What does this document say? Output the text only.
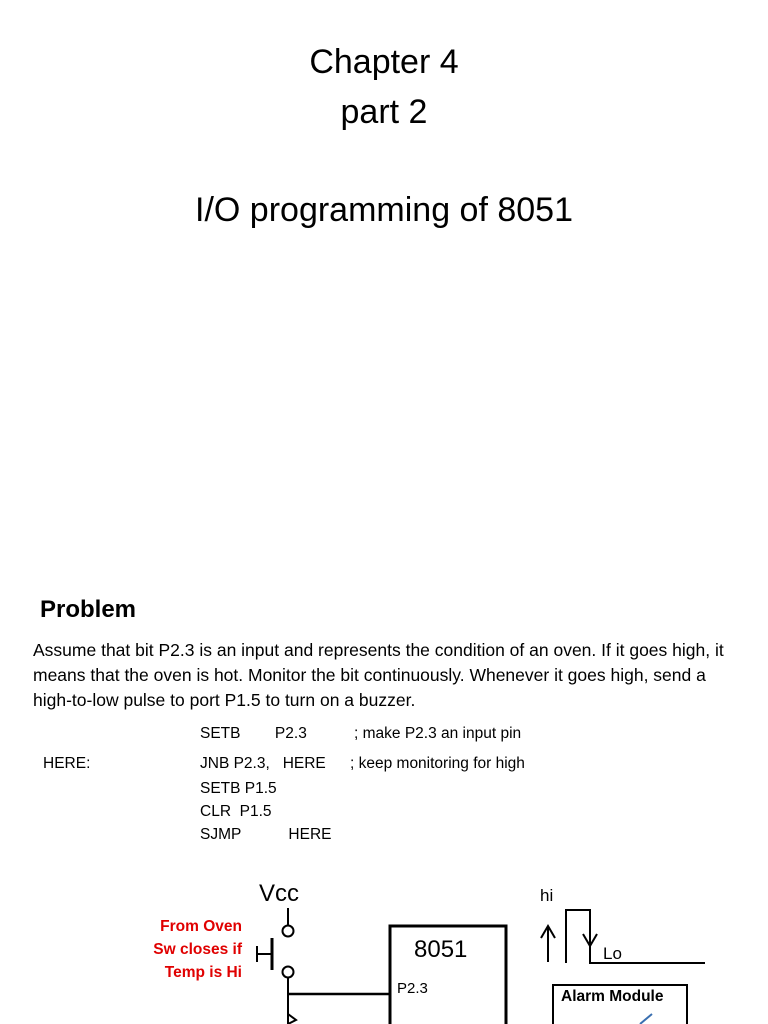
Chapter 4
part 2
I/O programming of 8051
Problem
Assume that bit P2.3 is an input and represents the condition of an oven. If it goes high, it means that the oven is hot. Monitor the bit continuously. Whenever it goes high, send a high-to-low pulse to port P1.5 to turn on a buzzer.
SETB        P2.3	; make P2.3 an input pin
HERE:	JNB P2.3,   HERE ; keep monitoring for high
SETB P1.5
CLR  P1.5
SJMP           HERE
Vcc
From Oven
Sw closes if
Temp is Hi
8051
P2.3
hi
Lo
Alarm Module
